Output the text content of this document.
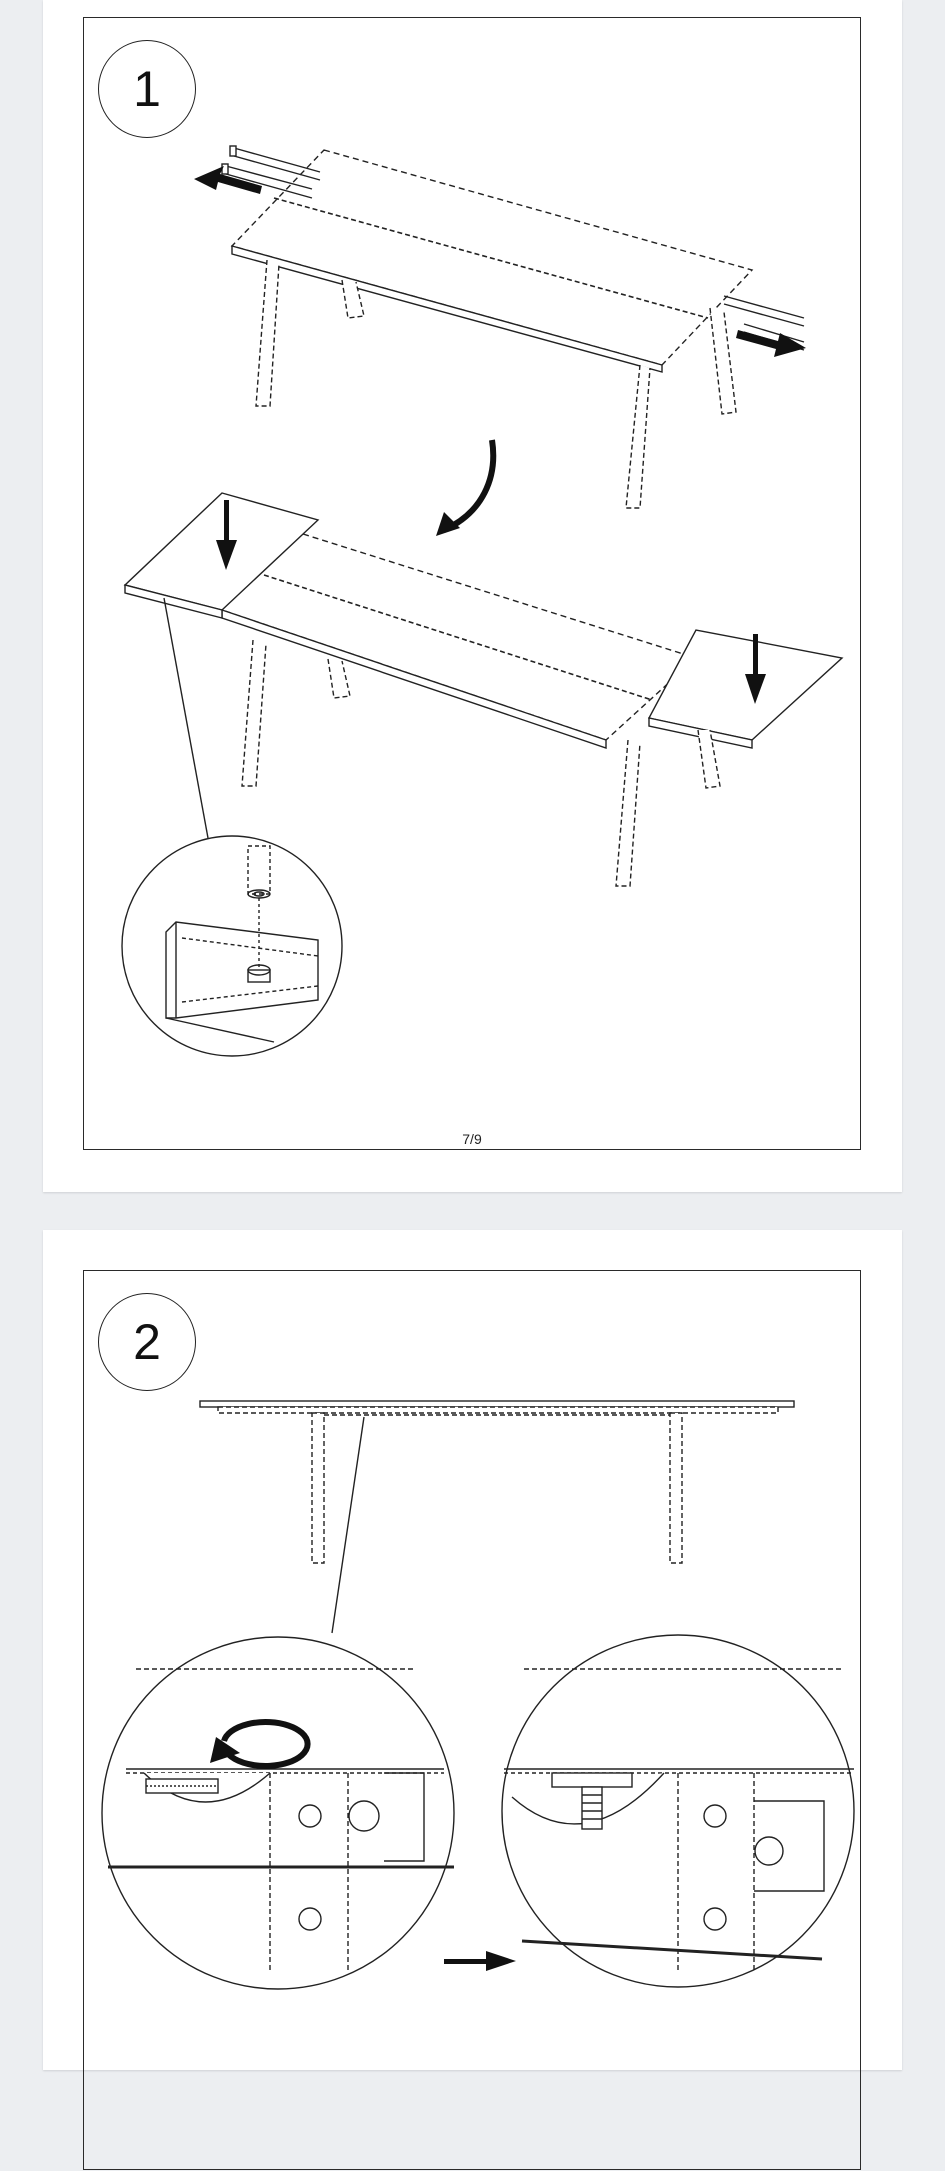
1
7/9
2
